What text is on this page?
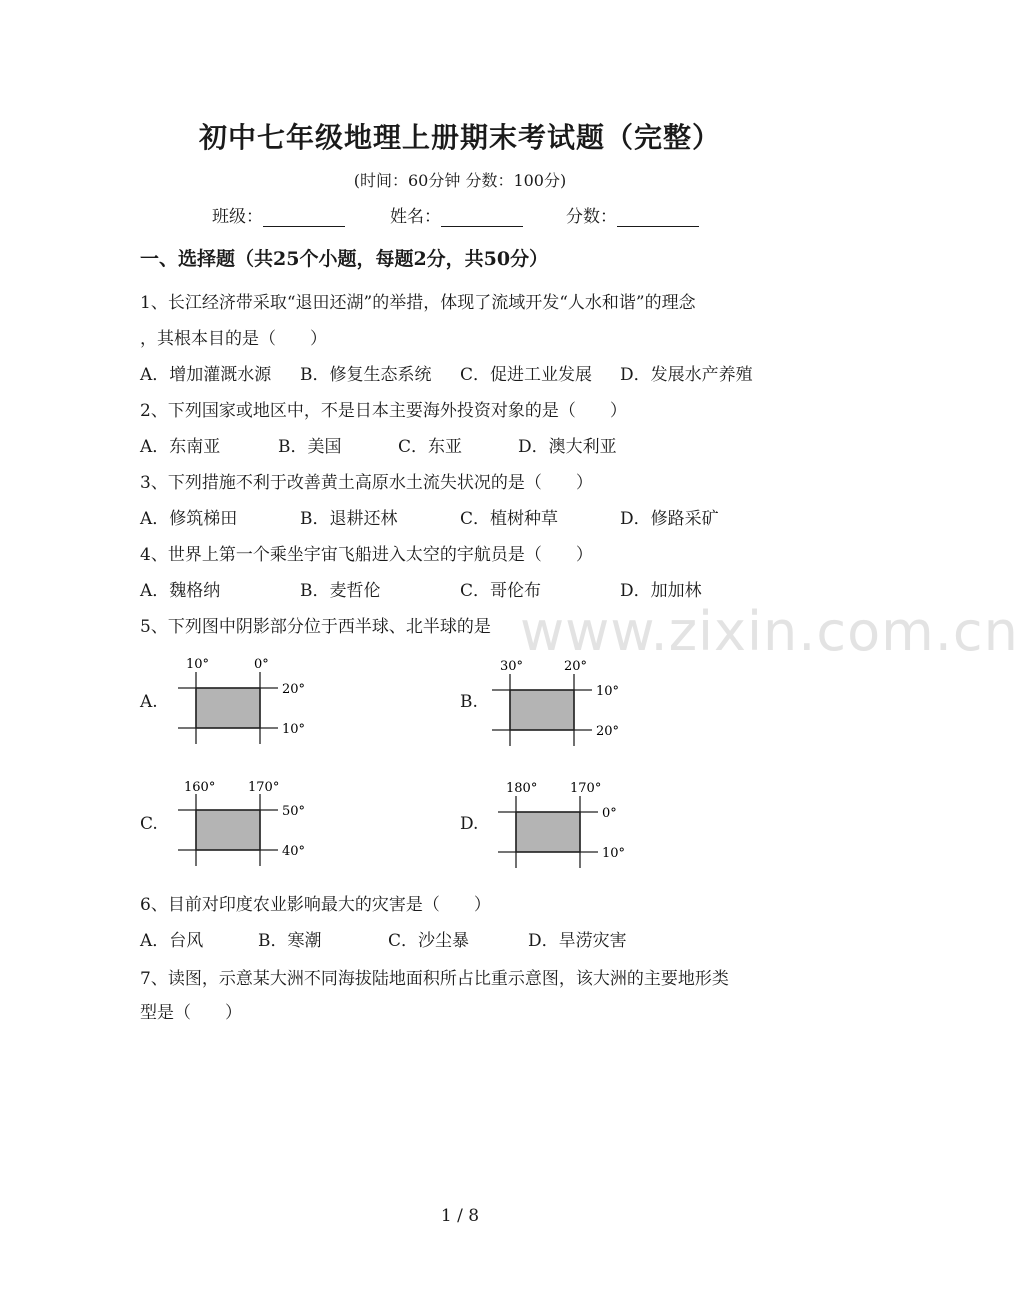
www.zixin.com.cn
初中七年级地理上册期末考试题（完整）
(时间：60分钟 分数：100分)
班级：	姓名：	分数：
一、选择题（共25个小题，每题2分，共50分）
1、长江经济带采取“退田还湖”的举措，体现了流域开发“人水和谐”的理念
，其根本目的是（　　）
A．增加灌溉水源 B．修复生态系统 C．促进工业发展 D．发展水产养殖
2、下列国家或地区中，不是日本主要海外投资对象的是（　　）
A．东南亚	B．美国	C．东亚	D．澳大利亚
3、下列措施不利于改善黄土高原水土流失状况的是（　　）
A．修筑梯田	B．退耕还林	C．植树种草	D．修路采矿
4、世界上第一个乘坐宇宙飞船进入太空的宇航员是（　　）
A．魏格纳	B．麦哲伦	C．哥伦布	D．加加林
5、下列图中阴影部分位于西半球、北半球的是
A.
10°	0°
20°
10°
B.
30°	20°
10°
20°
C.
160°	170°
50°
40°
D.
180°	170°
0°
10°
6、目前对印度农业影响最大的灾害是（　　）
A．台风	B．寒潮	C．沙尘暴	D．旱涝灾害
7、读图，示意某大洲不同海拔陆地面积所占比重示意图，该大洲的主要地形类
型是（　　）
1 / 8
